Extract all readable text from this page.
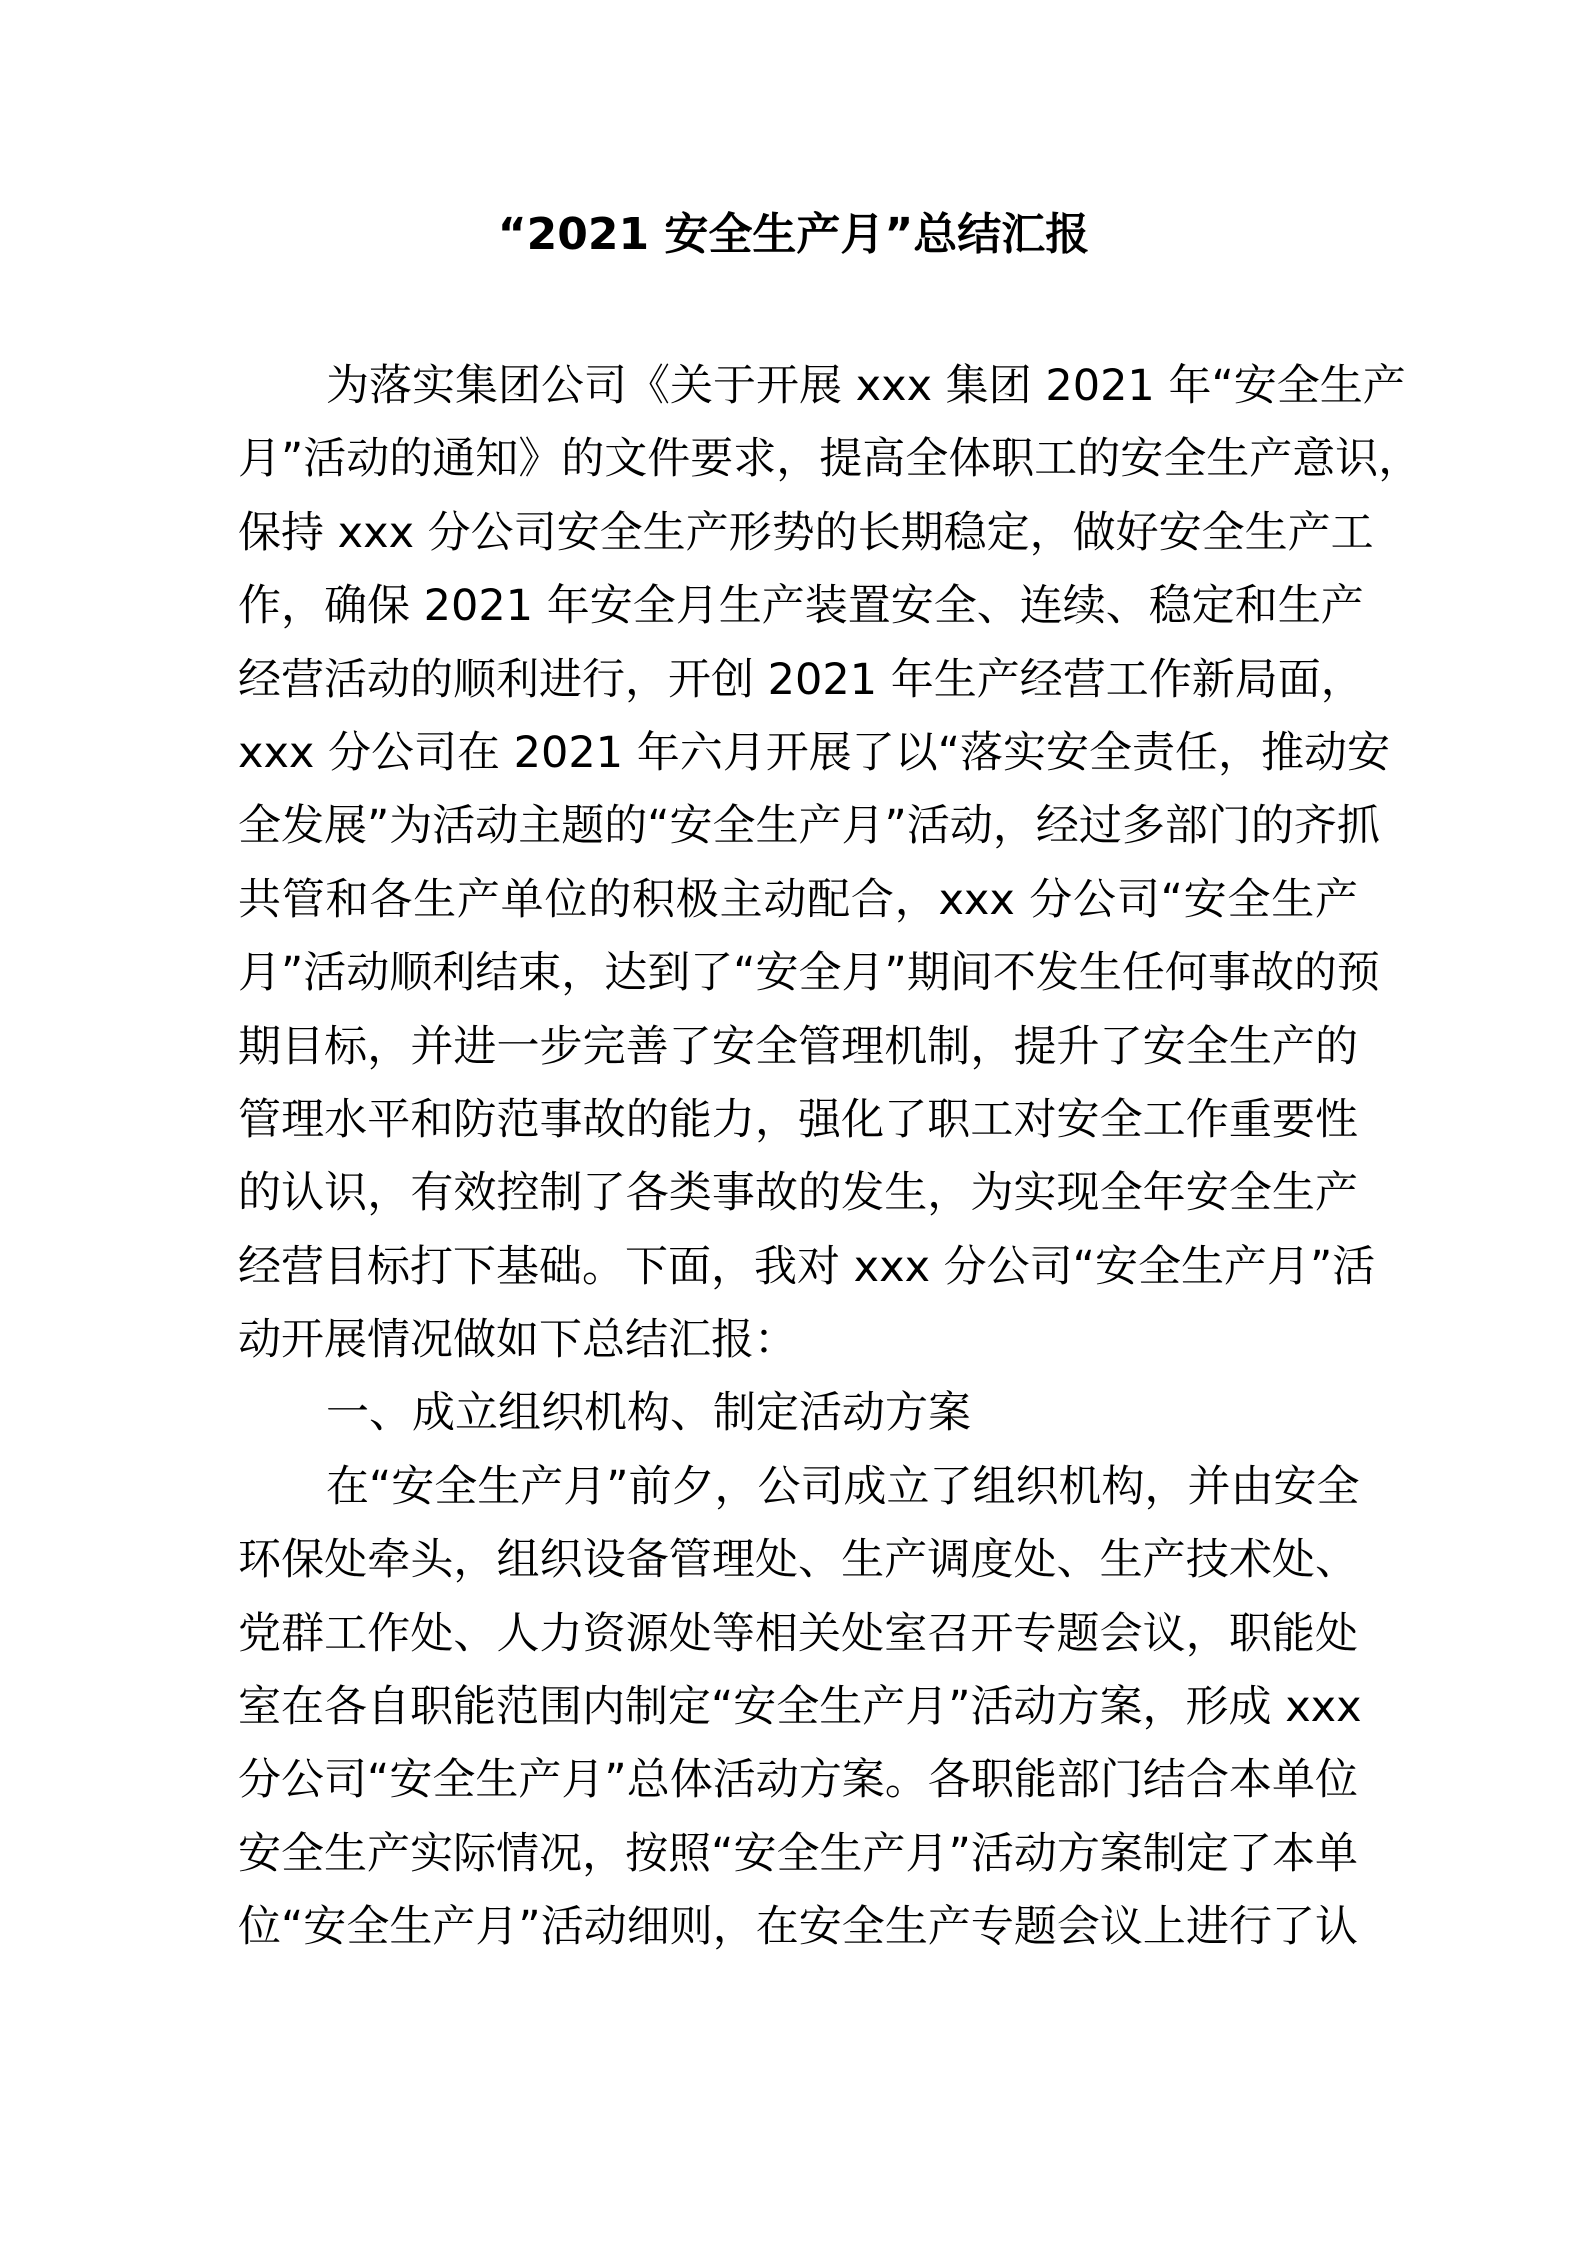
“2021 安全生产月”总结汇报
为落实集团公司《关于开展 xxx 集团 2021 年“安全生产
月”活动的通知》的文件要求，提高全体职工的安全生产意识，
保持 xxx 分公司安全生产形势的长期稳定，做好安全生产工
作，确保 2021 年安全月生产装置安全、连续、稳定和生产
经营活动的顺利进行，开创 2021 年生产经营工作新局面，
xxx 分公司在 2021 年六月开展了以“落实安全责任，推动安
全发展”为活动主题的“安全生产月”活动，经过多部门的齐抓
共管和各生产单位的积极主动配合，xxx 分公司“安全生产
月”活动顺利结束，达到了“安全月”期间不发生任何事故的预
期目标，并进一步完善了安全管理机制，提升了安全生产的
管理水平和防范事故的能力，强化了职工对安全工作重要性
的认识，有效控制了各类事故的发生，为实现全年安全生产
经营目标打下基础。下面，我对 xxx 分公司“安全生产月”活
动开展情况做如下总结汇报：
一、成立组织机构、制定活动方案
在“安全生产月”前夕，公司成立了组织机构，并由安全
环保处牵头，组织设备管理处、生产调度处、生产技术处、
党群工作处、人力资源处等相关处室召开专题会议，职能处
室在各自职能范围内制定“安全生产月”活动方案，形成 xxx
分公司“安全生产月”总体活动方案。各职能部门结合本单位
安全生产实际情况，按照“安全生产月”活动方案制定了本单
位“安全生产月”活动细则，在安全生产专题会议上进行了认
